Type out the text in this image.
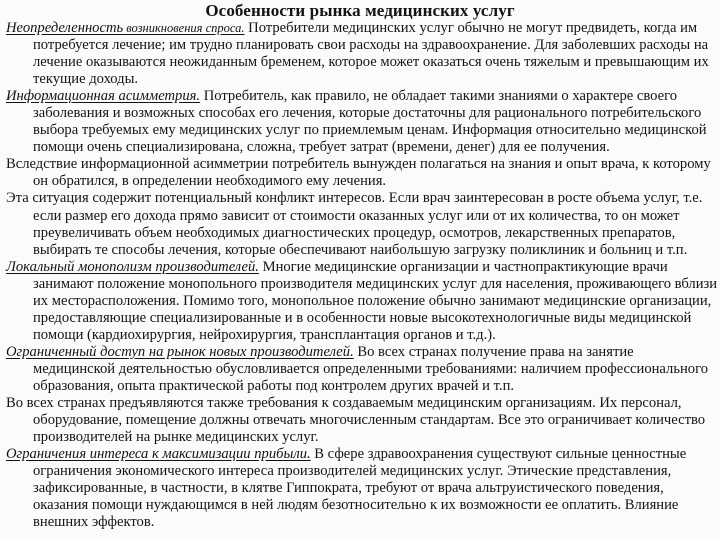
Особенности рынка медицинских услуг

Неопределенность возникновения спроса. Потребители медицинских услуг обычно не могут предвидеть, когда им потребуется лечение; им трудно планировать свои расходы на здравоохранение. Для заболевших расходы на лечение оказываются неожиданным бременем, которое может оказаться очень тяжелым и превышающим их текущие доходы.

Информационная асимметрия. Потребитель, как правило, не обладает такими знаниями о характере своего заболевания и возможных способах его лечения, которые достаточны для рационального потребительского выбора требуемых ему медицинских услуг по приемлемым ценам. Информация относительно медицинской помощи очень специализирована, сложна, требует затрат (времени, денег) для ее получения.

Вследствие информационной асимметрии потребитель вынужден полагаться на знания и опыт врача, к которому он обратился, в определении необходимого ему лечения.

Эта ситуация содержит потенциальный конфликт интересов. Если врач заинтересован в росте объема услуг, т.е. если размер его дохода прямо зависит от стоимости оказанных услуг или от их количества, то он может преувеличивать объем необходимых диагностических процедур, осмотров, лекарственных препаратов, выбирать те способы лечения, которые обеспечивают наибольшую загрузку поликлиник и больниц и т.п.

Локальный монополизм производителей. Многие медицинские организации и частнопрактикующие врачи занимают положение монопольного производителя медицинских услуг для населения, проживающего вблизи их месторасположения. Помимо того, монопольное положение обычно занимают медицинские организации, предоставляющие специализированные и в особенности новые высокотехнологичные виды медицинской помощи (кардиохирургия, нейрохирургия, трансплантация органов и т.д.).

Ограниченный доступ на рынок новых производителей. Во всех странах получение права на занятие медицинской деятельностью обусловливается определенными требованиями: наличием профессионального образования, опыта практической работы под контролем других врачей и т.п.

Во всех странах предъявляются также требования к создаваемым медицинским организациям. Их персонал, оборудование, помещение должны отвечать многочисленным стандартам. Все это ограничивает количество производителей на рынке медицинских услуг.

Ограничения интереса к максимизации прибыли. В сфере здравоохранения существуют сильные ценностные ограничения экономического интереса производителей медицинских услуг. Этические представления, зафиксированные, в частности, в клятве Гиппократа, требуют от врача альтруистического поведения, оказания помощи нуждающимся в ней людям безотносительно к их возможности ее оплатить. Влияние внешних эффектов.
